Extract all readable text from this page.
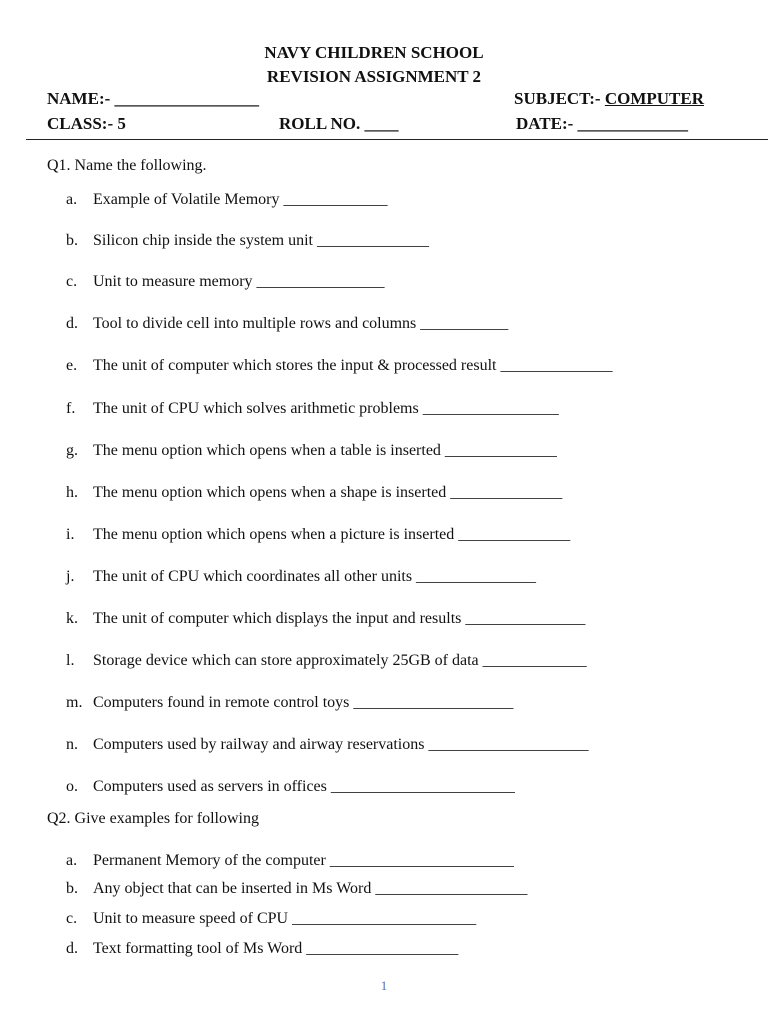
NAVY CHILDREN SCHOOL
REVISION ASSIGNMENT 2
NAME:- _________________	SUBJECT:- COMPUTER
CLASS:- 5	ROLL NO. ____	DATE:- _____________
Q1. Name the following.
a. Example of Volatile Memory _____________
b. Silicon chip inside the system unit ______________
c. Unit to measure memory ________________
d. Tool to divide cell into multiple rows and columns ___________
e. The unit of computer which stores the input & processed result ______________
f. The unit of CPU which solves arithmetic problems _________________
g. The menu option which opens when a table is inserted ______________
h. The menu option which opens when a shape is inserted ______________
i. The menu option which opens when a picture is inserted ______________
j. The unit of CPU which coordinates all other units _______________
k. The unit of computer which displays the input and results _______________
l. Storage device which can store approximately 25GB of data _____________
m. Computers found in remote control toys ____________________
n. Computers used by railway and airway reservations ____________________
o. Computers used as servers in offices _______________________
Q2. Give examples for following
a. Permanent Memory of the computer _______________________
b. Any object that can be inserted in Ms Word ___________________
c. Unit to measure speed of CPU _______________________
d. Text formatting tool of Ms Word ___________________
1
